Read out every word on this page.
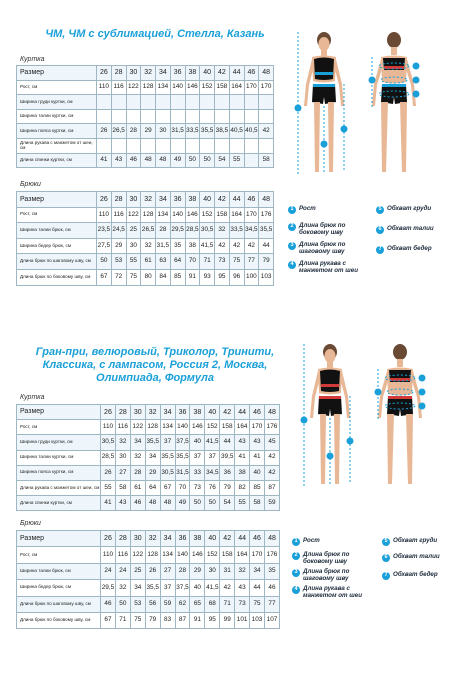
ЧМ, ЧМ с сублимацией, Стелла, Казань
Куртка
Размер	26	28	30	32	34	36	38	40	42	44	46	48
Рост, см	110	116	122	128	134	140	146	152	158	164	170	170
Ширина груди куртки, см												
Ширина талии куртки, см												
Ширина пояса куртки, см	26	26,5	28	29	30	31,5	33,5	35,5	38,5	40,5	40,5	42
Длина рукава с манжетом от шеи, см												
Длина спинки куртки, см	41	43	46	48	48	49	50	50	54	55		58
Брюки
Размер	26	28	30	32	34	36	38	40	42	44	46	48
Рост, см	110	116	122	128	134	140	146	152	158	164	170	176
Ширина талии брюк, см	23,5	24,5	25	26,5	28	29,5	28,5	30,5	32	33,5	34,5	35,5
Ширина бедер брюк, см	27,5	29	30	32	31,5	35	38	41,5	42	42	42	44
Длина брюк по шаговому шву, см	50	53	55	61	63	64	70	71	73	75	77	79
Длина брюк по боковому шву, см	67	72	75	80	84	85	91	93	95	96	100	103
1 Рост
2 Длина брюк по боковому шву
3 Длина брюк по шаговому шву
4 Длина рукава с манжетом от шеи
5 Обхват груди
6 Обхват талии
7 Обхват бедер
Гран-при, велюровый, Триколор, Тринити,
Классика, с лампасом, Россия 2, Москва,
Олимпиада, Формула
Куртка
Размер	26	28	30	32	34	36	38	40	42	44	46	48
Рост, см	110	116	122	128	134	140	146	152	158	164	170	176
Ширина груди куртки, см	30,5	32	34	35,5	37	37,5	40	41,5	44	43	43	45
Ширина талии куртки, см	28,5	30	32	34	35,5	35,5	37	37	39,5	41	41	42
Ширина пояса куртки, см	26	27	28	29	30,5	31,5	33	34,5	36	38	40	42
Длина рукава с манжетом от шеи, см	55	58	61	64	67	70	73	76	79	82	85	87
Длина спинки куртки, см	41	43	46	48	48	49	50	50	54	55	58	59
Брюки
Размер	26	28	30	32	34	36	38	40	42	44	46	48
Рост, см	110	116	122	128	134	140	146	152	158	164	170	176
Ширина талии брюк, см	24	24	25	26	27	28	29	30	31	32	34	35
Ширина бедер брюк, см	29,5	32	34	35,5	37	37,5	40	41,5	42	43	44	46
Длина брюк по шаговому шву, см	46	50	53	56	59	62	65	68	71	73	75	77
Длина брюк по боковому шву, см	67	71	75	79	83	87	91	95	99	101	103	107
1 Рост
2 Длина брюк по боковому шву
3 Длина брюк по шаговому шву
4 Длина рукава с манжетом от шеи
5 Обхват груди
6 Обхват талии
7 Обхват бедер
